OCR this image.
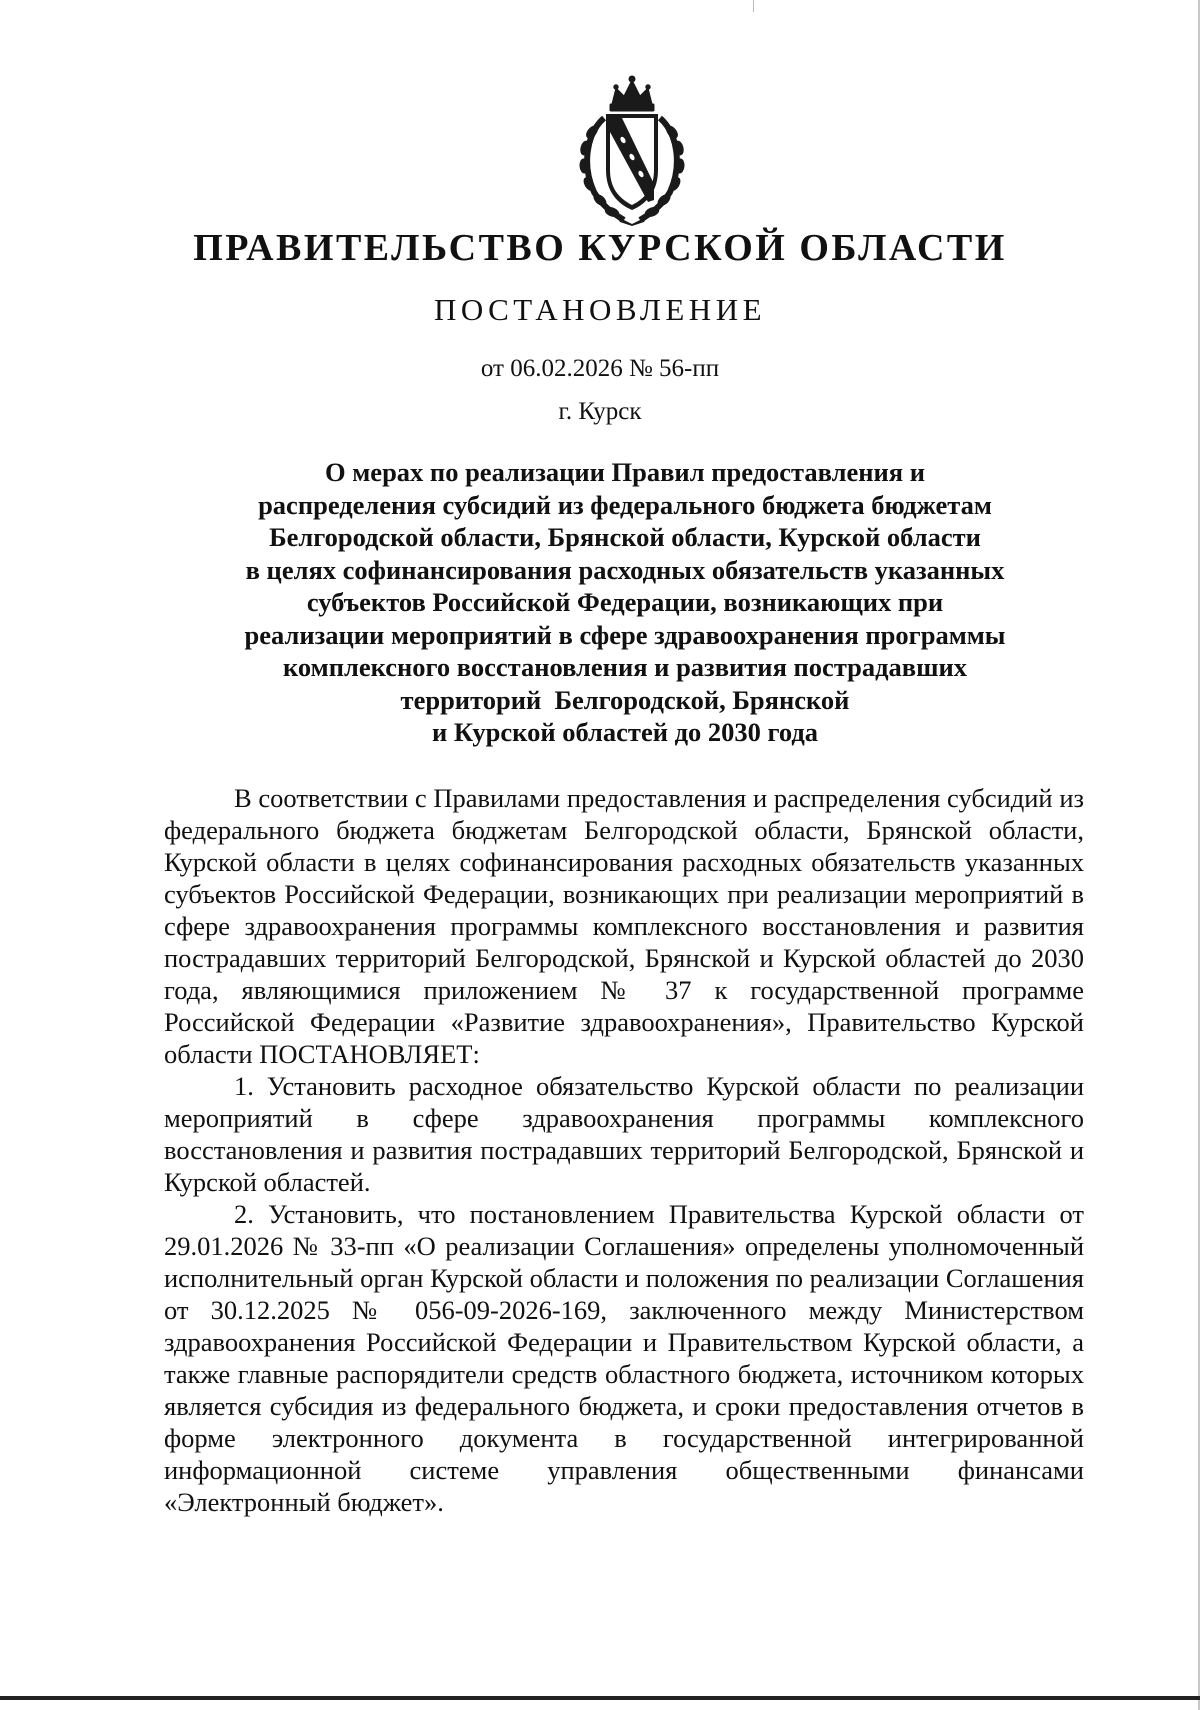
ПРАВИТЕЛЬСТВО КУРСКОЙ ОБЛАСТИ
ПОСТАНОВЛЕНИЕ
от 06.02.2026 № 56-пп
г. Курск
О мерах по реализации Правил предоставления и
распределения субсидий из федерального бюджета бюджетам
Белгородской области, Брянской области, Курской области
в целях софинансирования расходных обязательств указанных
субъектов Российской Федерации, возникающих при
реализации мероприятий в сфере здравоохранения программы
комплексного восстановления и развития пострадавших
территорий  Белгородской, Брянской
и Курской областей до 2030 года

В соответствии с Правилами предоставления и распределения субсидий из федерального бюджета бюджетам Белгородской области, Брянской области, Курской области в целях софинансирования расходных обязательств указанных субъектов Российской Федерации, возникающих при реализации мероприятий в сфере здравоохранения программы комплексного восстановления и развития пострадавших территорий Белгородской, Брянской и Курской областей до 2030 года, являющимися приложением № 37 к государственной программе Российской Федерации «Развитие здравоохранения», Правительство Курской области ПОСТАНОВЛЯЕТ:

1. Установить расходное обязательство Курской области по реализации мероприятий в сфере здравоохранения программы комплексного восстановления и развития пострадавших территорий Белгородской, Брянской и Курской областей.

2. Установить, что постановлением Правительства Курской области от 29.01.2026 № 33-пп «О реализации Соглашения» определены уполномоченный исполнительный орган Курской области и положения по реализации Соглашения от 30.12.2025 № 056-09-2026-169, заключенного между Министерством здравоохранения Российской Федерации и Правительством Курской области, а также главные распорядители средств областного бюджета, источником которых является субсидия из федерального бюджета, и сроки предоставления отчетов в форме электронного документа в государственной интегрированной информационной системе управления общественными финансами «Электронный бюджет».
